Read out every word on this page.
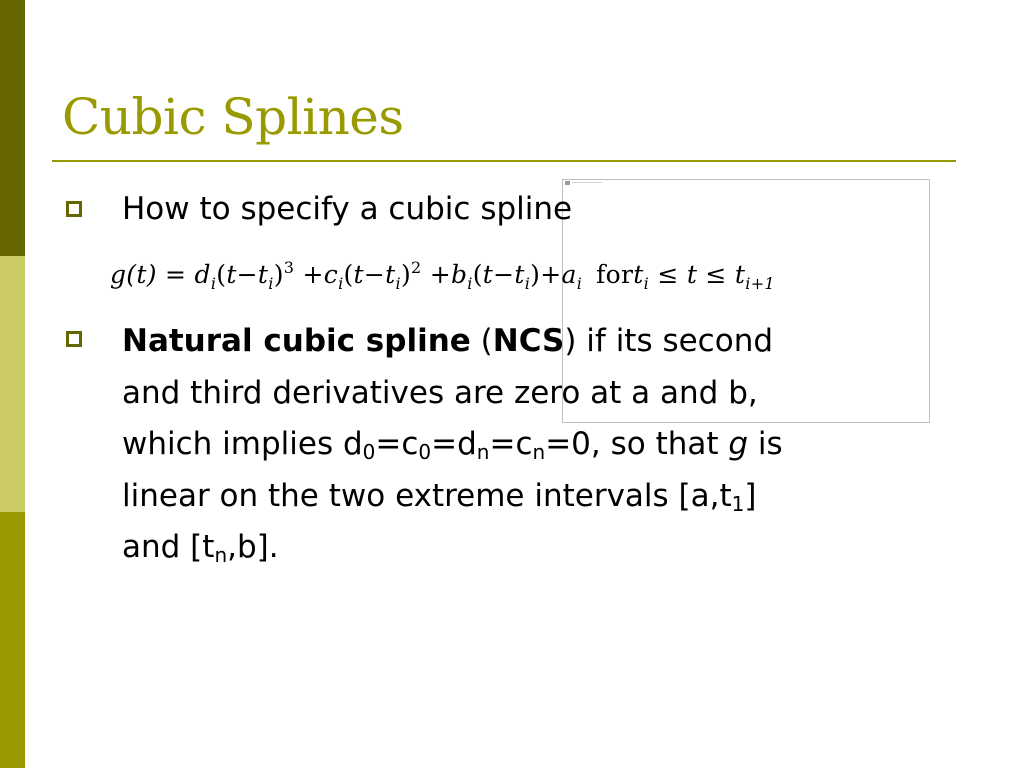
Cubic Splines

How to specify a cubic spline

$g(t) = d_i(t-t_i)^3 +c_i(t-t_i)^2 +b_i(t-t_i)+a_i$ fort$_i$ ≤ $t \le t_{i+1}$

Natural cubic spline (NCS) if its second
and third derivatives are zero at a and b,
which implies $d_0=c_0=d_n=c_n=0$, so that g is
linear on the two extreme intervals $[a,t_1]$
and $[t_n,b]$.
